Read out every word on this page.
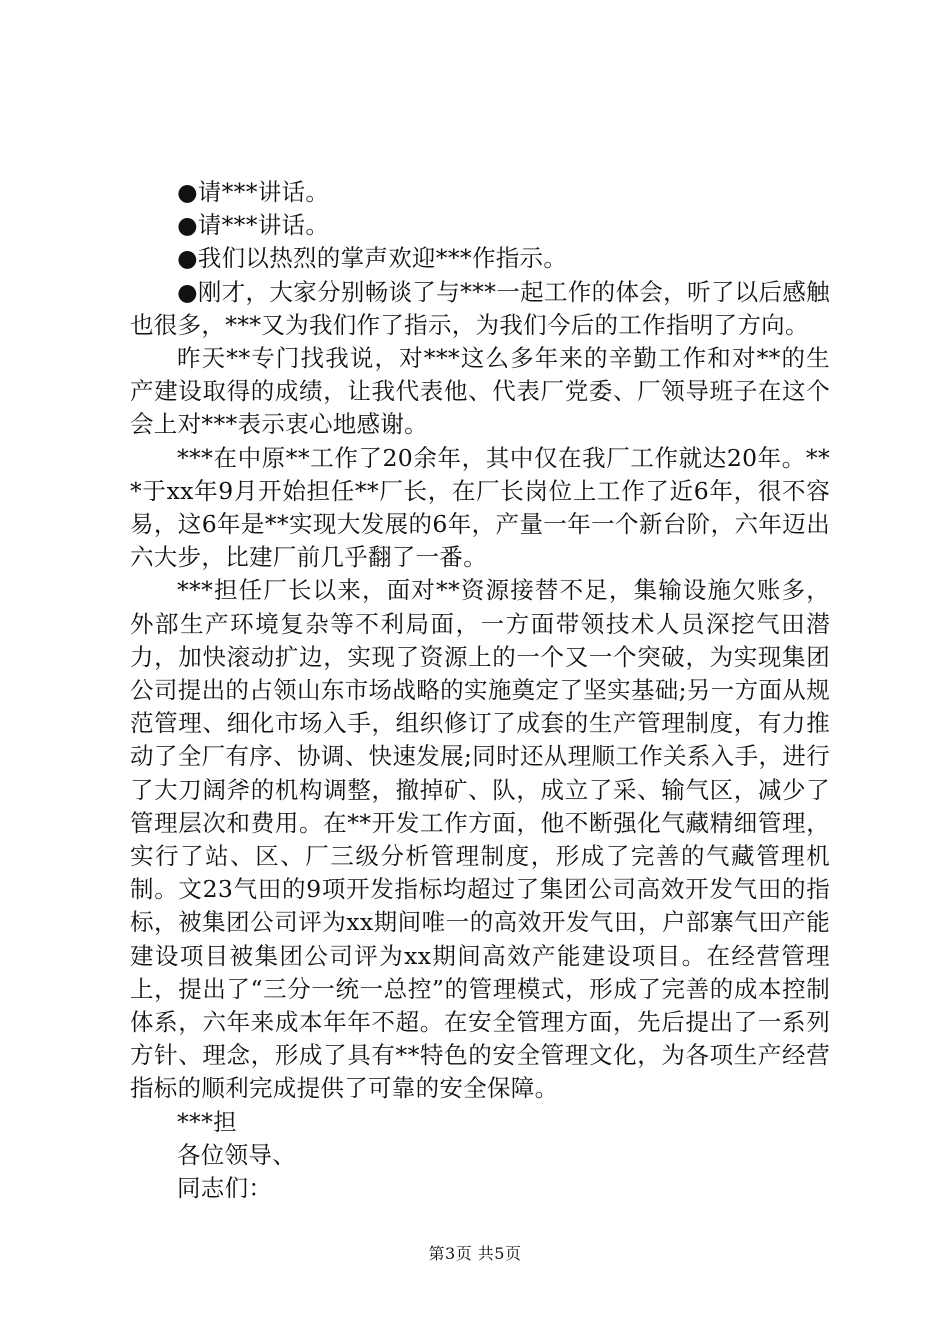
●请***讲话。

●请***讲话。

●我们以热烈的掌声欢迎***作指示。

●刚才，大家分别畅谈了与***一起工作的体会，听了以后感触也很多，***又为我们作了指示，为我们今后的工作指明了方向。

昨天**专门找我说，对***这么多年来的辛勤工作和对**的生产建设取得的成绩，让我代表他、代表厂党委、厂领导班子在这个会上对***表示衷心地感谢。

***在中原**工作了20余年，其中仅在我厂工作就达20年。***于xx年9月开始担任**厂长，在厂长岗位上工作了近6年，很不容易，这6年是**实现大发展的6年，产量一年一个新台阶，六年迈出六大步，比建厂前几乎翻了一番。

***担任厂长以来，面对**资源接替不足，集输设施欠账多，外部生产环境复杂等不利局面，一方面带领技术人员深挖气田潜力，加快滚动扩边，实现了资源上的一个又一个突破，为实现集团公司提出的占领山东市场战略的实施奠定了坚实基础;另一方面从规范管理、细化市场入手，组织修订了成套的生产管理制度，有力推动了全厂有序、协调、快速发展;同时还从理顺工作关系入手，进行了大刀阔斧的机构调整，撤掉矿、队，成立了采、输气区，减少了管理层次和费用。在**开发工作方面，他不断强化气藏精细管理，实行了站、区、厂三级分析管理制度，形成了完善的气藏管理机制。文23气田的9项开发指标均超过了集团公司高效开发气田的指标，被集团公司评为xx期间唯一的高效开发气田，户部寨气田产能建设项目被集团公司评为xx期间高效产能建设项目。在经营管理上，提出了“三分一统一总控”的管理模式，形成了完善的成本控制体系，六年来成本年年不超。在安全管理方面，先后提出了一系列方针、理念，形成了具有**特色的安全管理文化，为各项生产经营指标的顺利完成提供了可靠的安全保障。

***担

各位领导、

同志们：

第3页 共5页
